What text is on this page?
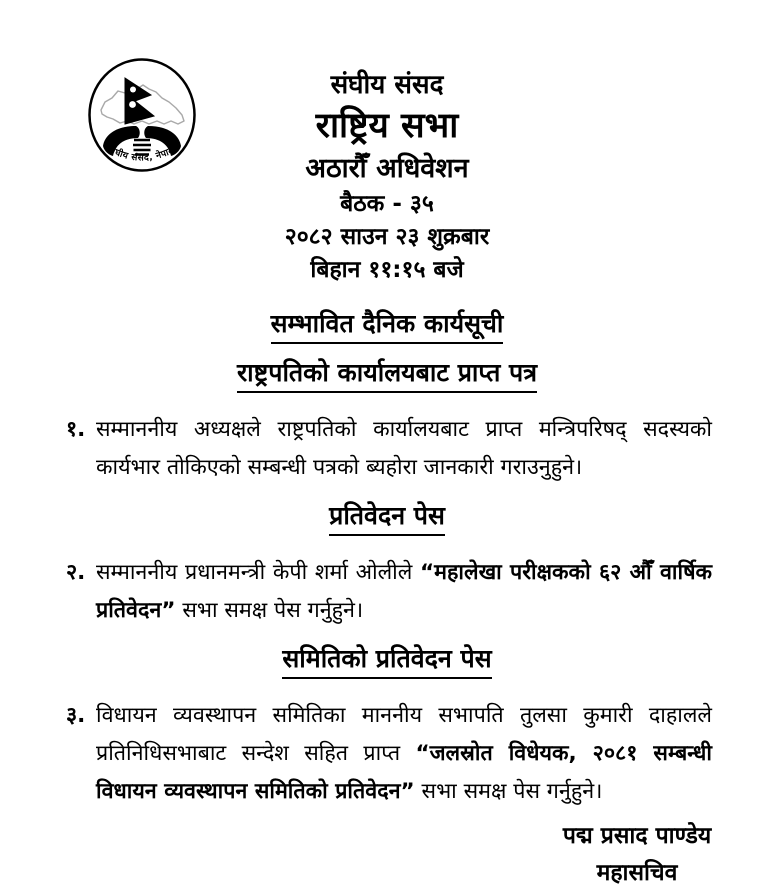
संघीय संसद, नेपाल
संघीय संसद
राष्ट्रिय सभा
अठारौँ अधिवेशन
बैठक - ३५
२०८२ साउन २३ शुक्रबार
बिहान ११:१५ बजे
सम्भावित दैनिक कार्यसूची
राष्ट्रपतिको कार्यालयबाट प्राप्त पत्र
१. सम्माननीय अध्यक्षले राष्ट्रपतिको कार्यालयबाट प्राप्त मन्त्रिपरिषद् सदस्यको कार्यभार तोकिएको सम्बन्धी पत्रको ब्यहोरा जानकारी गराउनुहुने।
प्रतिवेदन पेस
२. सम्माननीय प्रधानमन्त्री केपी शर्मा ओलीले “महालेखा परीक्षकको ६२ औँ वार्षिक प्रतिवेदन” सभा समक्ष पेस गर्नुहुने।
समितिको प्रतिवेदन पेस
३. विधायन व्यवस्थापन समितिका माननीय सभापति तुलसा कुमारी दाहालले प्रतिनिधिसभाबाट सन्देश सहित प्राप्त “जलस्रोत विधेयक, २०८१ सम्बन्धी विधायन व्यवस्थापन समितिको प्रतिवेदन” सभा समक्ष पेस गर्नुहुने।
पद्म प्रसाद पाण्डेय
महासचिव
